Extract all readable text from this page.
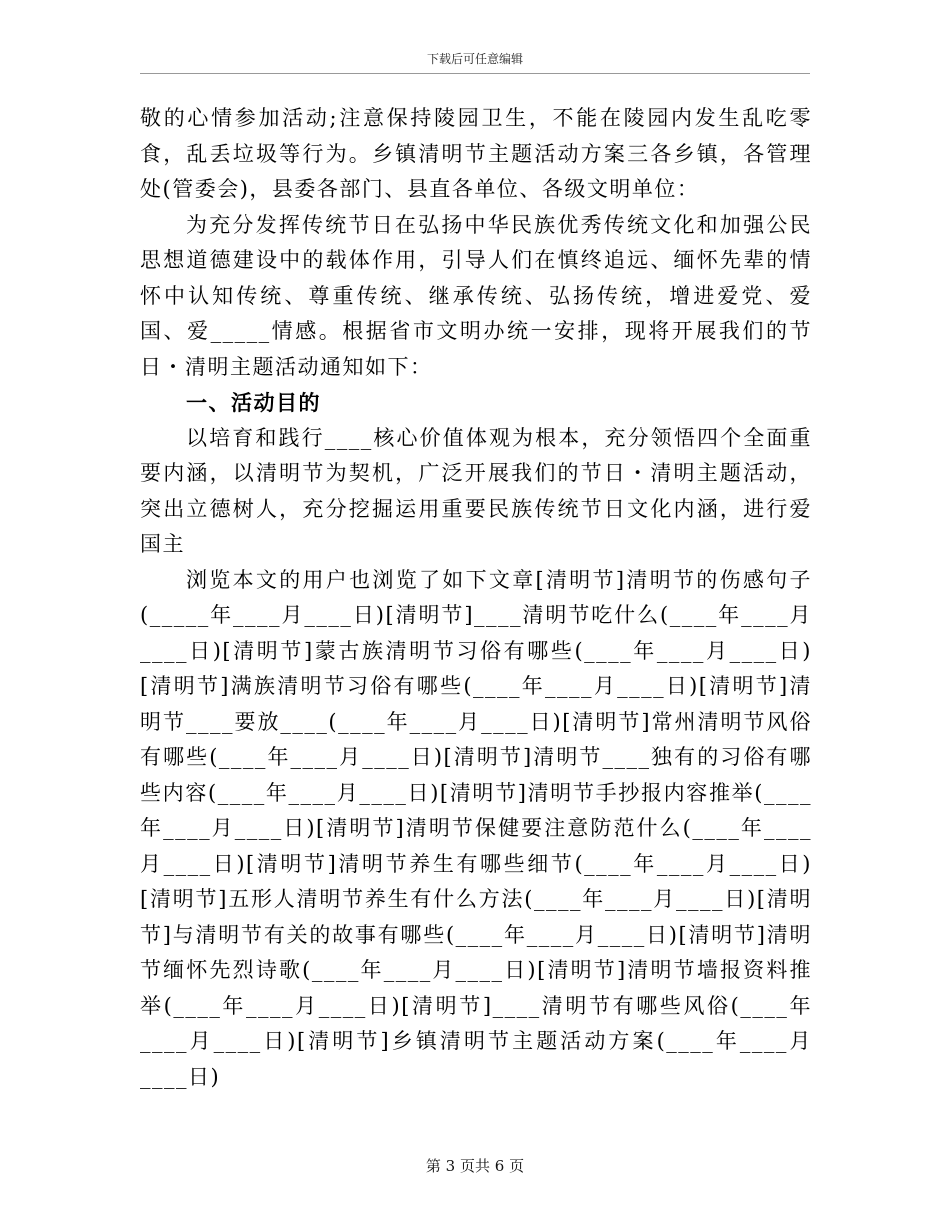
下载后可任意编辑

敬的心情参加活动;注意保持陵园卫生，不能在陵园内发生乱吃零食，乱丢垃圾等行为。乡镇清明节主题活动方案三各乡镇，各管理处(管委会)，县委各部门、县直各单位、各级文明单位：

为充分发挥传统节日在弘扬中华民族优秀传统文化和加强公民思想道德建设中的载体作用，引导人们在慎终追远、缅怀先辈的情怀中认知传统、尊重传统、继承传统、弘扬传统，增进爱党、爱国、爱_____情感。根据省市文明办统一安排，现将开展我们的节日・清明主题活动通知如下：

一、活动目的

以培育和践行____核心价值体观为根本，充分领悟四个全面重要内涵，以清明节为契机，广泛开展我们的节日・清明主题活动，突出立德树人，充分挖掘运用重要民族传统节日文化内涵，进行爱国主

浏览本文的用户也浏览了如下文章[清明节]清明节的伤感句子(_____年____月____日)[清明节]____清明节吃什么(____年____月____日)[清明节]蒙古族清明节习俗有哪些(____年____月____日)[清明节]满族清明节习俗有哪些(____年____月____日)[清明节]清明节____要放____(____年____月____日)[清明节]常州清明节风俗有哪些(____年____月____日)[清明节]清明节____独有的习俗有哪些内容(____年____月____日)[清明节]清明节手抄报内容推举(____年____月____日)[清明节]清明节保健要注意防范什么(____年____月____日)[清明节]清明节养生有哪些细节(____年____月____日)[清明节]五形人清明节养生有什么方法(____年____月____日)[清明节]与清明节有关的故事有哪些(____年____月____日)[清明节]清明节缅怀先烈诗歌(____年____月____日)[清明节]清明节墙报资料推举(____年____月____日)[清明节]____清明节有哪些风俗(____年____月____日)[清明节]乡镇清明节主题活动方案(____年____月____日)

第 3 页共 6 页
